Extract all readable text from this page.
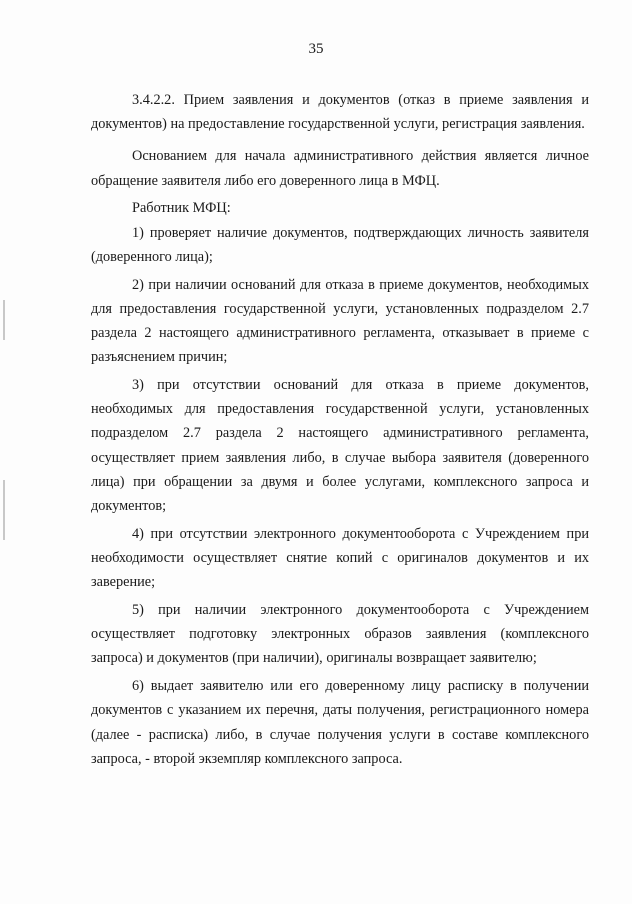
35

3.4.2.2. Прием заявления и документов (отказ в приеме заявления и документов) на предоставление государственной услуги, регистрация заявления.

Основанием для начала административного действия является личное обращение заявителя либо его доверенного лица в МФЦ.

Работник МФЦ:

1) проверяет наличие документов, подтверждающих личность заявителя (доверенного лица);

2) при наличии оснований для отказа в приеме документов, необходимых для предоставления государственной услуги, установленных подразделом 2.7 раздела 2 настоящего административного регламента, отказывает в приеме с разъяснением причин;

3) при отсутствии оснований для отказа в приеме документов, необходимых для предоставления государственной услуги, установленных подразделом 2.7 раздела 2 настоящего административного регламента, осуществляет прием заявления либо, в случае выбора заявителя (доверенного лица) при обращении за двумя и более услугами, комплексного запроса и документов;

4) при отсутствии электронного документооборота с Учреждением при необходимости осуществляет снятие копий с оригиналов документов и их заверение;

5) при наличии электронного документооборота с Учреждением осуществляет подготовку электронных образов заявления (комплексного запроса) и документов (при наличии), оригиналы возвращает заявителю;

6) выдает заявителю или его доверенному лицу расписку в получении документов с указанием их перечня, даты получения, регистрационного номера (далее - расписка) либо, в случае получения услуги в составе комплексного запроса, - второй экземпляр комплексного запроса.
